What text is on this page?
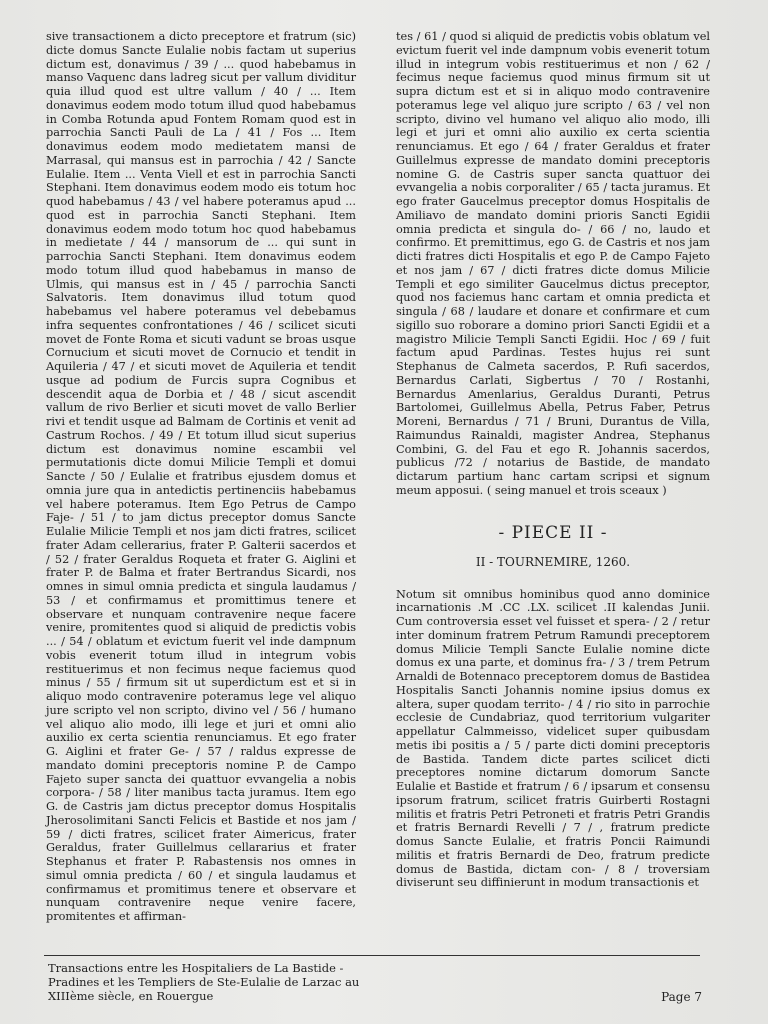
sive transactionem a dicto preceptore et fratrum (sic) dicte domus Sancte Eulalie nobis factam ut superius dictum est, donavimus / 39 / ... quod habebamus in manso Vaquenc dans ladreg sicut per vallum dividitur quia illud quod est ultre vallum / 40 / ... Item donavimus eodem modo totum illud quod habebamus in Comba Rotunda apud Fontem Romam quod est in parrochia Sancti Pauli de La / 41 / Fos ... Item donavimus eodem modo medietatem mansi de Marrasal, qui mansus est in parrochia / 42 / Sancte Eulalie. Item ... Venta Viell et est in parrochia Sancti Stephani. Item donavimus eodem modo eis totum hoc quod habebamus / 43 / vel habere poteramus apud ... quod est in parrochia Sancti Stephani. Item donavimus eodem modo totum hoc quod habebamus in medietate / 44 / mansorum de ... qui sunt in parrochia Sancti Stephani. Item donavimus eodem modo totum illud quod habebamus in manso de Ulmis, qui mansus est in / 45 / parrochia Sancti Salvatoris. Item donavimus illud totum quod habebamus vel habere poteramus vel debebamus infra sequentes confrontationes / 46 / scilicet sicuti movet de Fonte Roma et sicuti vadunt se broas usque Cornucium et sicuti movet de Cornucio et tendit in Aquileria / 47 / et sicuti movet de Aquileria et tendit usque ad podium de Furcis supra Cognibus et descendit aqua de Dorbia et / 48 / sicut ascendit vallum de rivo Berlier et sicuti movet de vallo Berlier rivi et tendit usque ad Balmam de Cortinis et venit ad Castrum Rochos. / 49 / Et totum illud sicut superius dictum est donavimus nomine escambii vel permutationis dicte domui Milicie Templi et domui Sancte / 50 / Eulalie et fratribus ejusdem domus et omnia jure qua in antedictis pertinenciis habebamus vel habere poteramus. Item Ego Petrus de Campo Faje- / 51 / to jam dictus preceptor domus Sancte Eulalie Milicie Templi et nos jam dicti fratres, scilicet frater Adam cellerarius, frater P. Galterii sacerdos et / 52 / frater Geraldus Roqueta et frater G. Aiglini et frater P. de Balma et frater Bertrandus Sicardi, nos omnes in simul omnia predicta et singula laudamus / 53 / et confirmamus et promittimus tenere et observare et nunquam contravenire neque facere venire, promitentes quod si aliquid de predictis vobis ... / 54 / oblatum et evictum fuerit vel inde dampnum vobis evenerit totum illud in integrum vobis restituerimus et non fecimus neque faciemus quod minus / 55 / firmum sit ut superdictum est et si in aliquo modo contravenire poteramus lege vel aliquo jure scripto vel non scripto, divino vel / 56 / humano vel aliquo alio modo, illi lege et juri et omni alio auxilio ex certa scientia renunciamus. Et ego frater G. Aiglini et frater Ge- / 57 / raldus expresse de mandato domini preceptoris nomine P. de Campo Fajeto super sancta dei quattuor evvangelia a nobis corpora- / 58 / liter manibus tacta juramus. Item ego G. de Castris jam dictus preceptor domus Hospitalis Jherosolimitani Sancti Felicis et Bastide et nos jam / 59 / dicti fratres, scilicet frater Aimericus, frater Geraldus, frater Guillelmus cellararius et frater Stephanus et frater P. Rabastensis nos omnes in simul omnia predicta / 60 / et singula laudamus et confirmamus et promitimus tenere et observare et nunquam contravenire neque venire facere, promitentes et affirman-

tes / 61 / quod si aliquid de predictis vobis oblatum vel evictum fuerit vel inde dampnum vobis evenerit totum illud in integrum vobis restituerimus et non / 62 / fecimus neque faciemus quod minus firmum sit ut supra dictum est et si in aliquo modo contravenire poteramus lege vel aliquo jure scripto / 63 / vel non scripto, divino vel humano vel aliquo alio modo, illi legi et juri et omni alio auxilio ex certa scientia renunciamus. Et ego / 64 / frater Geraldus et frater Guillelmus expresse de mandato domini preceptoris nomine G. de Castris super sancta quattuor dei evvangelia a nobis corporaliter / 65 / tacta juramus. Et ego frater Gaucelmus preceptor domus Hospitalis de Amiliavo de mandato domini prioris Sancti Egidii omnia predicta et singula do- / 66 / no, laudo et confirmo. Et premittimus, ego G. de Castris et nos jam dicti fratres dicti Hospitalis et ego P. de Campo Fajeto et nos jam / 67 / dicti fratres dicte domus Milicie Templi et ego similiter Gaucelmus dictus preceptor, quod nos faciemus hanc cartam et omnia predicta et singula / 68 / laudare et donare et confirmare et cum sigillo suo roborare a domino priori Sancti Egidii et a magistro Milicie Templi Sancti Egidii. Hoc / 69 / fuit factum apud Pardinas. Testes hujus rei sunt Stephanus de Calmeta sacerdos, P. Rufi sacerdos, Bernardus Carlati, Sigbertus / 70 / Rostanhi, Bernardus Amenlarius, Geraldus Duranti, Petrus Bartolomei, Guillelmus Abella, Petrus Faber, Petrus Moreni, Bernardus / 71 / Bruni, Durantus de Villa, Raimundus Rainaldi, magister Andrea, Stephanus Combini, G. del Fau et ego R. Johannis sacerdos, publicus /72 / notarius de Bastide, de mandato dictarum partium hanc cartam scripsi et signum meum apposui. ( seing manuel et trois sceaux )

- PIECE II -
II - TOURNEMIRE, 1260.

Notum sit omnibus hominibus quod anno dominice incarnationis .M .CC .LX. scilicet .II kalendas Junii. Cum controversia esset vel fuisset et spera- / 2 / retur inter dominum fratrem Petrum Ramundi preceptorem domus Milicie Templi Sancte Eulalie nomine dicte domus ex una parte, et dominus fra- / 3 / trem Petrum Arnaldi de Botennaco preceptorem domus de Bastidea Hospitalis Sancti Johannis nomine ipsius domus ex altera, super quodam territo- / 4 / rio sito in parrochie ecclesie de Cundabriaz, quod territorium vulgariter appellatur Calmmeisso, videlicet super quibusdam metis ibi positis a / 5 / parte dicti domini preceptoris de Bastida. Tandem dicte partes scilicet dicti preceptores nomine dictarum domorum Sancte Eulalie et Bastide et fratrum / 6 / ipsarum et consensu ipsorum fratrum, scilicet fratris Guirberti Rostagni militis et fratris Petri Petroneti et fratris Petri Grandis et fratris Bernardi Revelli / 7 / , fratrum predicte domus Sancte Eulalie, et fratris Poncii Raimundi militis et fratris Bernardi de Deo, fratrum predicte domus de Bastida, dictam con- / 8 / troversiam diviserunt seu diffinierunt in modum transactionis et

Transactions entre les Hospitaliers de La Bastide - Pradines et les Templiers de Ste-Eulalie de Larzac au XIIIème siècle, en Rouergue	Page 7
